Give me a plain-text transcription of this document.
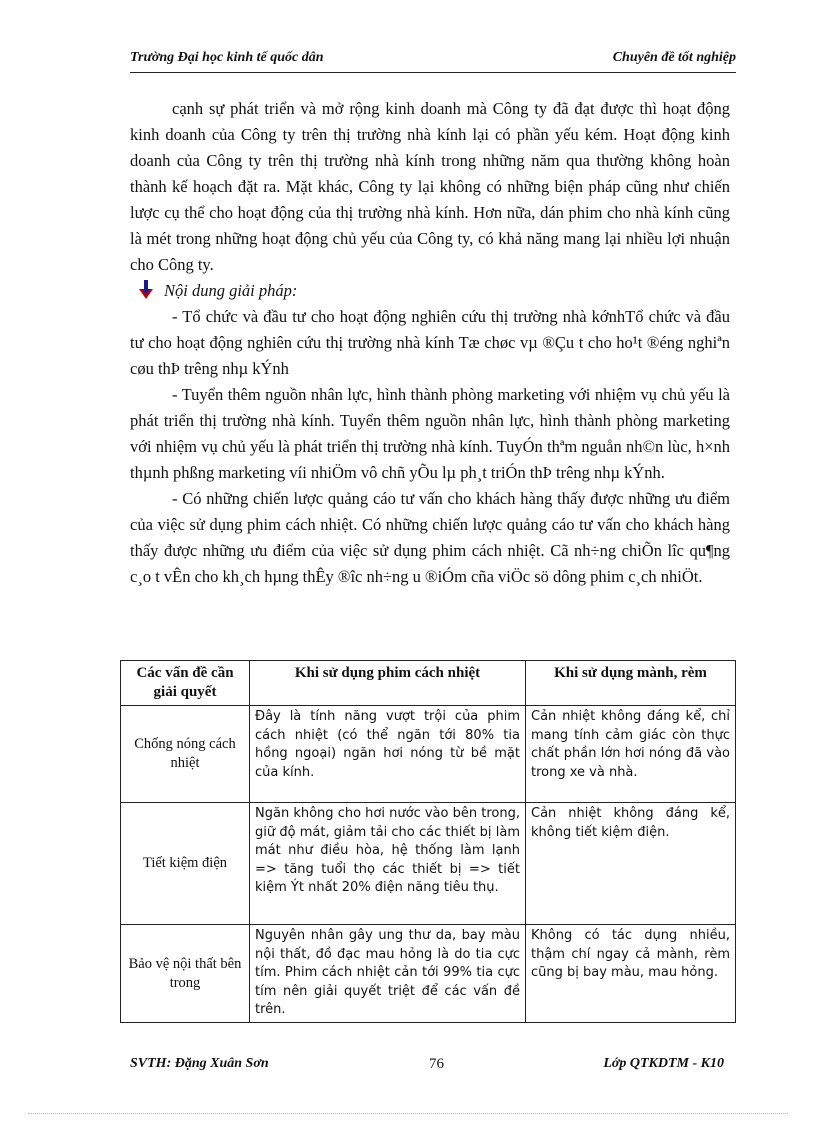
Trường Đại học kinh tế quốc dân	Chuyên đề tốt nghiệp

cạnh sự phát triển và mở rộng kinh doanh mà Công ty đã đạt được thì hoạt động kinh doanh của Công ty trên thị trường nhà kính lại có phần yếu kém. Hoạt động kinh doanh của Công ty trên thị trường nhà kính trong những năm qua thường không hoàn thành kế hoạch đặt ra. Mặt khác, Công ty lại không có những biện pháp cũng như chiến lược cụ thể cho hoạt động của thị trường nhà kính. Hơn nữa, dán phim cho nhà kính cũng là mét trong những hoạt động chủ yếu của Công ty, có khả năng mang lại nhiều lợi nhuận cho Công ty.

Nội dung giải pháp:

- Tổ chức và đầu tư cho hoạt động nghiên cứu thị trường nhà kớnhTổ chức và đầu tư cho hoạt động nghiên cứu thị trường nhà kính Tæ chøc vµ ®Çu t cho ho¹t ®éng nghiªn cøu thÞ trêng nhµ kÝnh

- Tuyển thêm nguồn nhân lực, hình thành phòng marketing với nhiệm vụ chủ yếu là phát triển thị trường nhà kính. Tuyển thêm nguồn nhân lực, hình thành phòng marketing với nhiệm vụ chủ yếu là phát triển thị trường nhà kính. TuyÓn thªm nguån nh©n lùc, h×nh thµnh phßng marketing víi nhiÖm vô chñ yÕu lµ ph¸t triÓn thÞ trêng nhµ kÝnh.

- Có những chiến lược quảng cáo tư vấn cho khách hàng thấy được những ưu điểm của việc sử dụng phim cách nhiệt. Có những chiến lược quảng cáo tư vấn cho khách hàng thấy được những ưu điểm của việc sử dụng phim cách nhiệt. Cã nh÷ng chiÕn lîc qu¶ng c¸o t vÊn cho kh¸ch hµng thÊy ®îc nh÷ng u ®iÓm cña viÖc sö dông phim c¸ch nhiÖt.

Các vấn đề cần giải quyết	Khi sử dụng phim cách nhiệt	Khi sử dụng mành, rèm
Chống nóng cách nhiệt	Đây là tính năng vượt trội của phim cách nhiệt (có thể ngăn tới 80% tia hồng ngoại) ngăn hơi nóng từ bề mặt của kính.	Cản nhiệt không đáng kể, chỉ mang tính cảm giác còn thực chất phần lớn hơi nóng đã vào trong xe và nhà.
Tiết kiệm điện	Ngăn không cho hơi nước vào bên trong, giữ độ mát, giảm tải cho các thiết bị làm mát như điều hòa, hệ thống làm lạnh => tăng tuổi thọ các thiết bị => tiết kiệm Ýt nhất 20% điện năng tiêu thụ.	Cản nhiệt không đáng kể, không tiết kiệm điện.
Bảo vệ nội thất bên trong	Nguyên nhân gây ung thư da, bay màu nội thất, đồ đạc mau hỏng là do tia cực tím. Phim cách nhiệt cản tới 99% tia cực tím nên giải quyết triệt để các vấn đề trên.	Không có tác dụng nhiều, thậm chí ngay cả mành, rèm cũng bị bay màu, mau hỏng.
SVTH: Đặng Xuân Sơn	76	Lớp QTKDTM - K10
